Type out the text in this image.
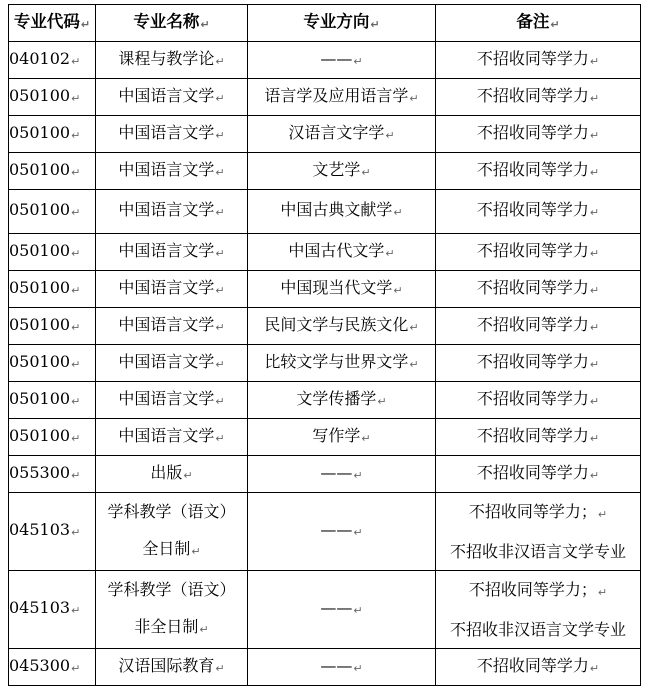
专业代码↵	专业名称↵	专业方向↵	备注↵
040102↵	课程与教学论↵	——↵	不招收同等学力↵
050100↵	中国语言文学↵	语言学及应用语言学↵	不招收同等学力↵
050100↵	中国语言文学↵	汉语言文字学↵	不招收同等学力↵
050100↵	中国语言文学↵	文艺学↵	不招收同等学力↵
050100↵	中国语言文学↵	中国古典文献学↵	不招收同等学力↵
050100↵	中国语言文学↵	中国古代文学↵	不招收同等学力↵
050100↵	中国语言文学↵	中国现当代文学↵	不招收同等学力↵
050100↵	中国语言文学↵	民间文学与民族文化↵	不招收同等学力↵
050100↵	中国语言文学↵	比较文学与世界文学↵	不招收同等学力↵
050100↵	中国语言文学↵	文学传播学↵	不招收同等学力↵
050100↵	中国语言文学↵	写作学↵	不招收同等学力↵
055300↵	出版↵	——↵	不招收同等学力↵
045103↵	学科教学（语文）
全日制↵	——↵	不招收同等学力；↵
不招收非汉语言文学专业

045103↵	学科教学（语文）
非全日制↵	——↵	不招收同等学力；↵
不招收非汉语言文学专业

045300↵	汉语国际教育↵	——↵	不招收同等学力↵
